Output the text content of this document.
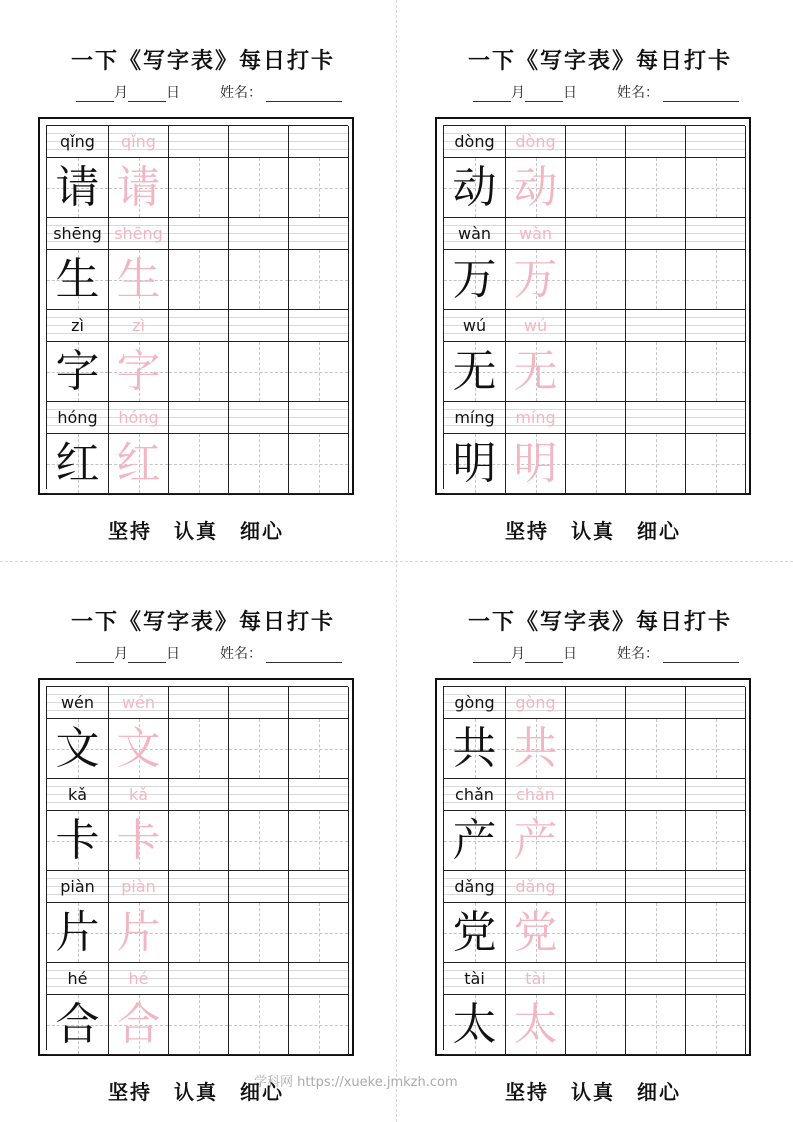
一下《写字表》每日打卡
月	日	姓名：
qǐng	qǐng
请 请
shēng shēng
生 生
zì	zì
字 字
hóng	hóng
红 红
坚持　认真　细心
一下《写字表》每日打卡
月	日	姓名：
dòng	dòng
动 动
wàn	wàn
万 万
wú	wú
无 无
míng	míng
明 明
坚持　认真　细心
一下《写字表》每日打卡
月	日	姓名：
wén	wén
文 文
kǎ	kǎ
卡 卡
piàn	piàn
片 片
hé	hé
合 合
坚持　认真　细心
一下《写字表》每日打卡
月	日	姓名：
gòng	gòng
共 共
chǎn	chǎn
产 产
dǎng	dǎng
党 党
tài	tài
太 太
坚持　认真　细心
学科网 https://xueke.jmkzh.com
